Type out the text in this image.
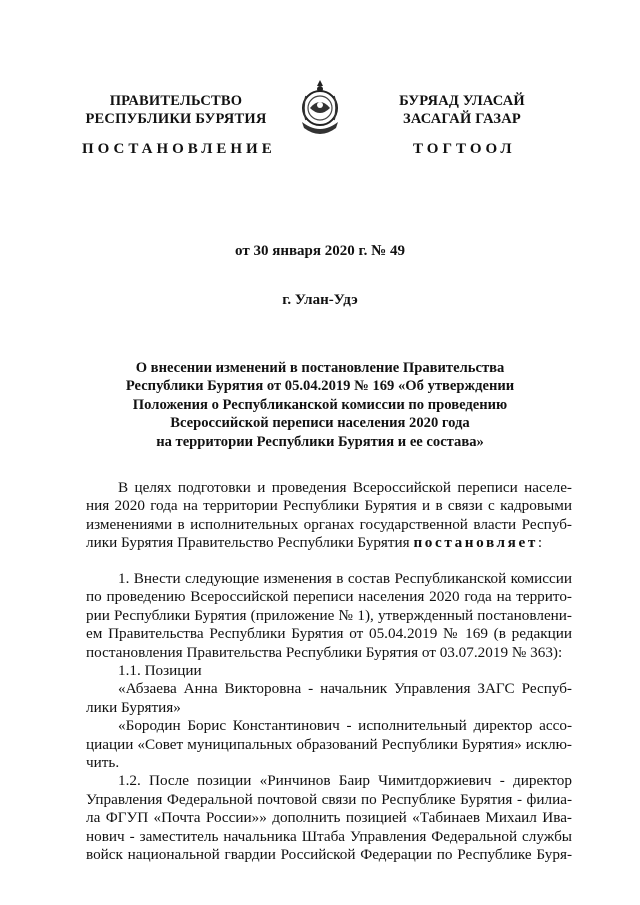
ПРАВИТЕЛЬСТВО
РЕСПУБЛИКИ БУРЯТИЯ
БУРЯАД УЛАСАЙ
ЗАСАГАЙ ГАЗАР
ПОСТАНОВЛЕНИЕ	ТОГТООЛ
от 30 января 2020 г. № 49
г. Улан-Удэ
О внесении изменений в постановление Правительства
Республики Бурятия от 05.04.2019 № 169 «Об утверждении
Положения о Республиканской комиссии по проведению
Всероссийской переписи населения 2020 года
на территории Республики Бурятия и ее состава»
В целях подготовки и проведения Всероссийской переписи населе-
ния 2020 года на территории Республики Бурятия и в связи с кадровыми
изменениями в исполнительных органах государственной власти Респуб-
лики Бурятия Правительство Республики Бурятия постановляет:
1. Внести следующие изменения в состав Республиканской комиссии
по проведению Всероссийской переписи населения 2020 года на террито-
рии Республики Бурятия (приложение № 1), утвержденный постановлени-
ем Правительства Республики Бурятия от 05.04.2019 № 169 (в редакции
постановления Правительства Республики Бурятия от 03.07.2019 № 363):
1.1. Позиции
«Абзаева Анна Викторовна - начальник Управления ЗАГС Респуб-
лики Бурятия»
«Бородин Борис Константинович - исполнительный директор ассо-
циации «Совет муниципальных образований Республики Бурятия» исклю-
чить.
1.2. После позиции «Ринчинов Баир Чимитдоржиевич - директор
Управления Федеральной почтовой связи по Республике Бурятия - филиа-
ла ФГУП «Почта России»» дополнить позицией «Табинаев Михаил Ива-
нович - заместитель начальника Штаба Управления Федеральной службы
войск национальной гвардии Российской Федерации по Республике Буря-
